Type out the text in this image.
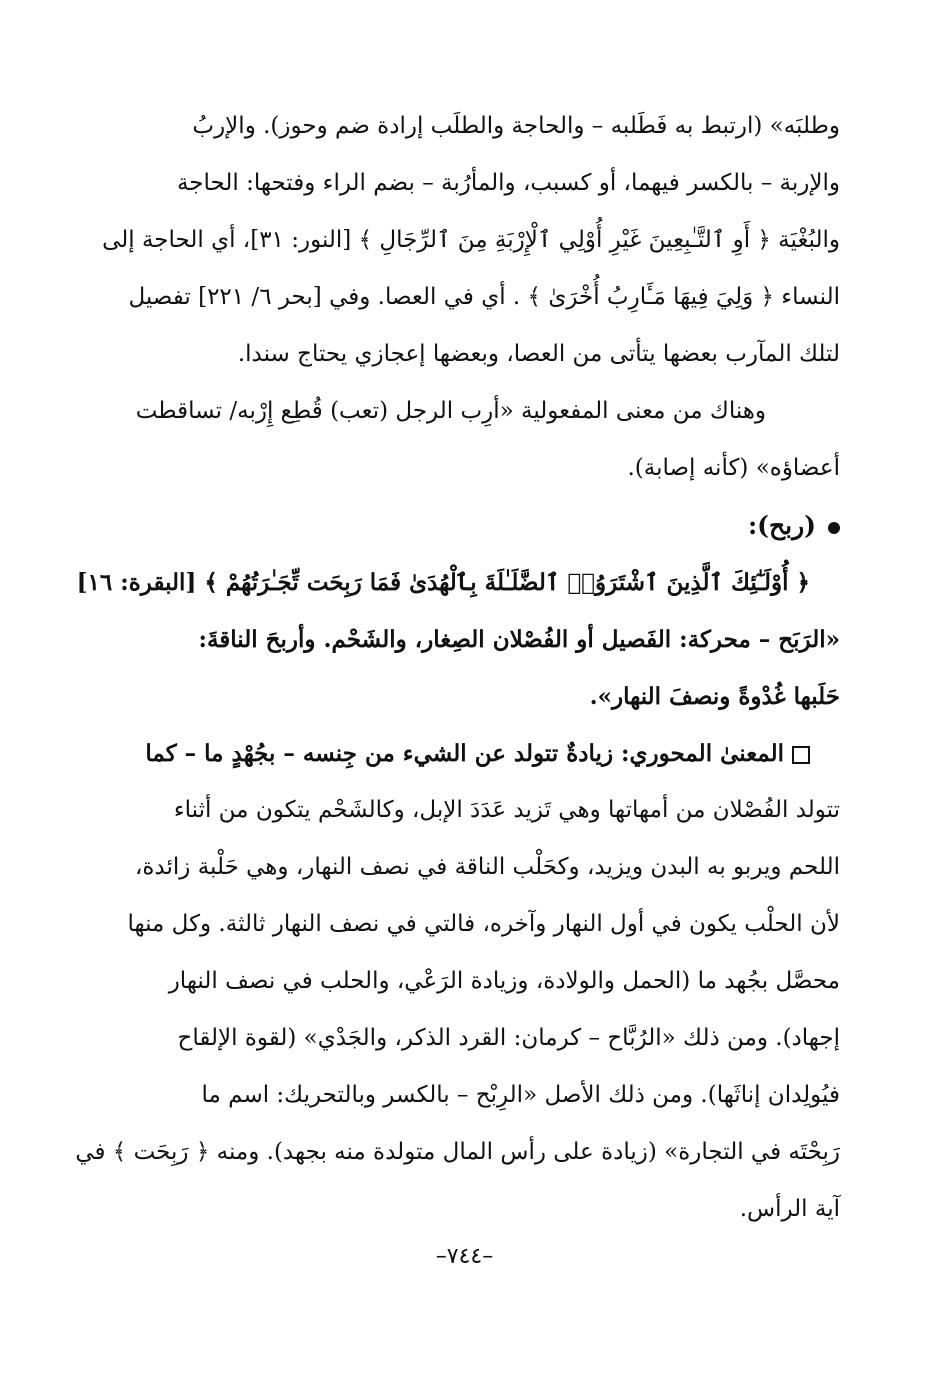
وطلبَه» (ارتبط به فَطَلبه – والحاجة والطلَب إرادة ضم وحوز). والإربُ
والإربة – بالكسر فيهما، أو كسبب، والمأرُبة – بضم الراء وفتحها: الحاجة
والبُغْيَة ﴿ أَوِ ٱلتَّـٰبِعِينَ غَيْرِ أُوْلِي ٱلْإِرْبَةِ مِنَ ٱلرِّجَالِ ﴾ [النور: ٣١]، أي الحاجة إلى
النساء ﴿ وَلِيَ فِيهَا مَـَٔارِبُ أُخْرَىٰ ﴾ . أي في العصا. وفي [بحر ٦/ ٢٢١] تفصيل
لتلك المآرب بعضها يتأتى من العصا، وبعضها إعجازي يحتاج سندا.
وهناك من معنى المفعولية «أرِب الرجل (تعب) قُطِع إِرْبه/ تساقطت
أعضاؤه» (كأنه إصابة).
(ربح):
﴿ أُوْلَـٰٓئِكَ ٱلَّذِينَ ٱشْتَرَوُا۟ ٱلضَّلَـٰلَةَ بِٱلْهُدَىٰ فَمَا رَبِحَت تِّجَـٰرَتُهُمْ ﴾ [البقرة: ١٦]
«الرَبَح – محركة: الفَصيل أو الفُصْلان الصِغار، والشَحْم. وأربحَ الناقةَ:
حَلَبها غُدْوةً ونصفَ النهار».
المعنىٰ المحوري: زيادةٌ تتولد عن الشيء من جِنسه – بجُهْدٍ ما – كما
تتولد الفُصْلان من أمهاتها وهي تَزيد عَدَدَ الإبل، وكالشَحْم يتكون من أثناء
اللحم ويربو به البدن ويزيد، وكحَلْب الناقة في نصف النهار، وهي حَلْبة زائدة،
لأن الحلْب يكون في أول النهار وآخره، فالتي في نصف النهار ثالثة. وكل منها
محصَّل بجُهد ما (الحمل والولادة، وزيادة الرَعْي، والحلب في نصف النهار
إجهاد). ومن ذلك «الرُبَّاح – كرمان: القرد الذكر، والجَدْي» (لقوة الإلقاح
فيُولِدان إناثَها). ومن ذلك الأصل «الرِبْح – بالكسر وبالتحريك: اسم ما
رَبِحْتَه في التجارة» (زيادة على رأس المال متولدة منه بجهد). ومنه ﴿ رَبِحَت ﴾ في
آية الرأس.
–٧٤٤–
